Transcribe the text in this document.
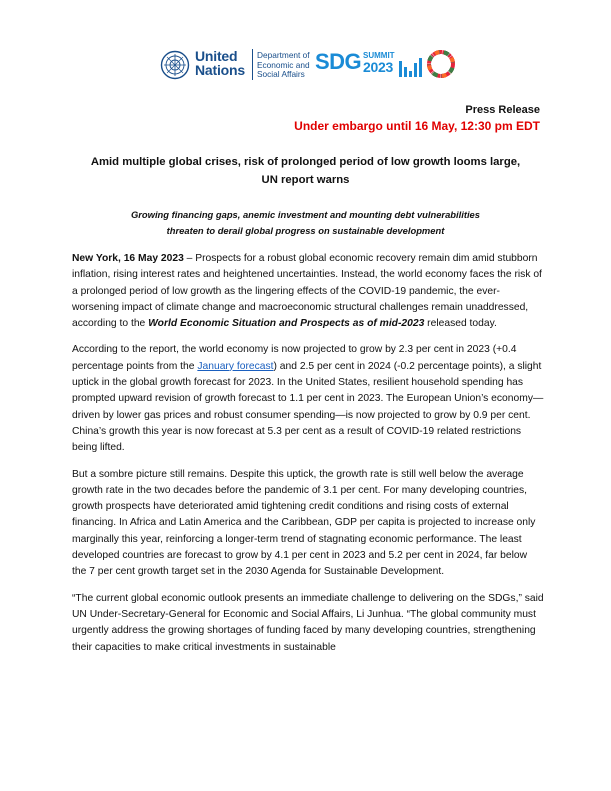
United
Nations
Department of
Economic and
Social Affairs SDG SUMMIT
2023
Press Release
Under embargo until 16 May, 12:30 pm EDT
Amid multiple global crises, risk of prolonged period of low growth looms large,
UN report warns
Growing financing gaps, anemic investment and mounting debt vulnerabilities
threaten to derail global progress on sustainable development

New York, 16 May 2023 – Prospects for a robust global economic recovery remain dim amid stubborn inflation, rising interest rates and heightened uncertainties. Instead, the world economy faces the risk of a prolonged period of low growth as the lingering effects of the COVID-19 pandemic, the ever-worsening impact of climate change and macroeconomic structural challenges remain unaddressed, according to the World Economic Situation and Prospects as of mid-2023 released today.

According to the report, the world economy is now projected to grow by 2.3 per cent in 2023 (+0.4 percentage points from the January forecast) and 2.5 per cent in 2024 (-0.2 percentage points), a slight uptick in the global growth forecast for 2023. In the United States, resilient household spending has prompted upward revision of growth forecast to 1.1 per cent in 2023. The European Union’s economy—driven by lower gas prices and robust consumer spending—is now projected to grow by 0.9 per cent. China’s growth this year is now forecast at 5.3 per cent as a result of COVID-19 related restrictions being lifted.

But a sombre picture still remains. Despite this uptick, the growth rate is still well below the average growth rate in the two decades before the pandemic of 3.1 per cent. For many developing countries, growth prospects have deteriorated amid tightening credit conditions and rising costs of external financing. In Africa and Latin America and the Caribbean, GDP per capita is projected to increase only marginally this year, reinforcing a longer-term trend of stagnating economic performance. The least developed countries are forecast to grow by 4.1 per cent in 2023 and 5.2 per cent in 2024, far below the 7 per cent growth target set in the 2030 Agenda for Sustainable Development.

“The current global economic outlook presents an immediate challenge to delivering on the SDGs,” said UN Under-Secretary-General for Economic and Social Affairs, Li Junhua. “The global community must urgently address the growing shortages of funding faced by many developing countries, strengthening their capacities to make critical investments in sustainable
